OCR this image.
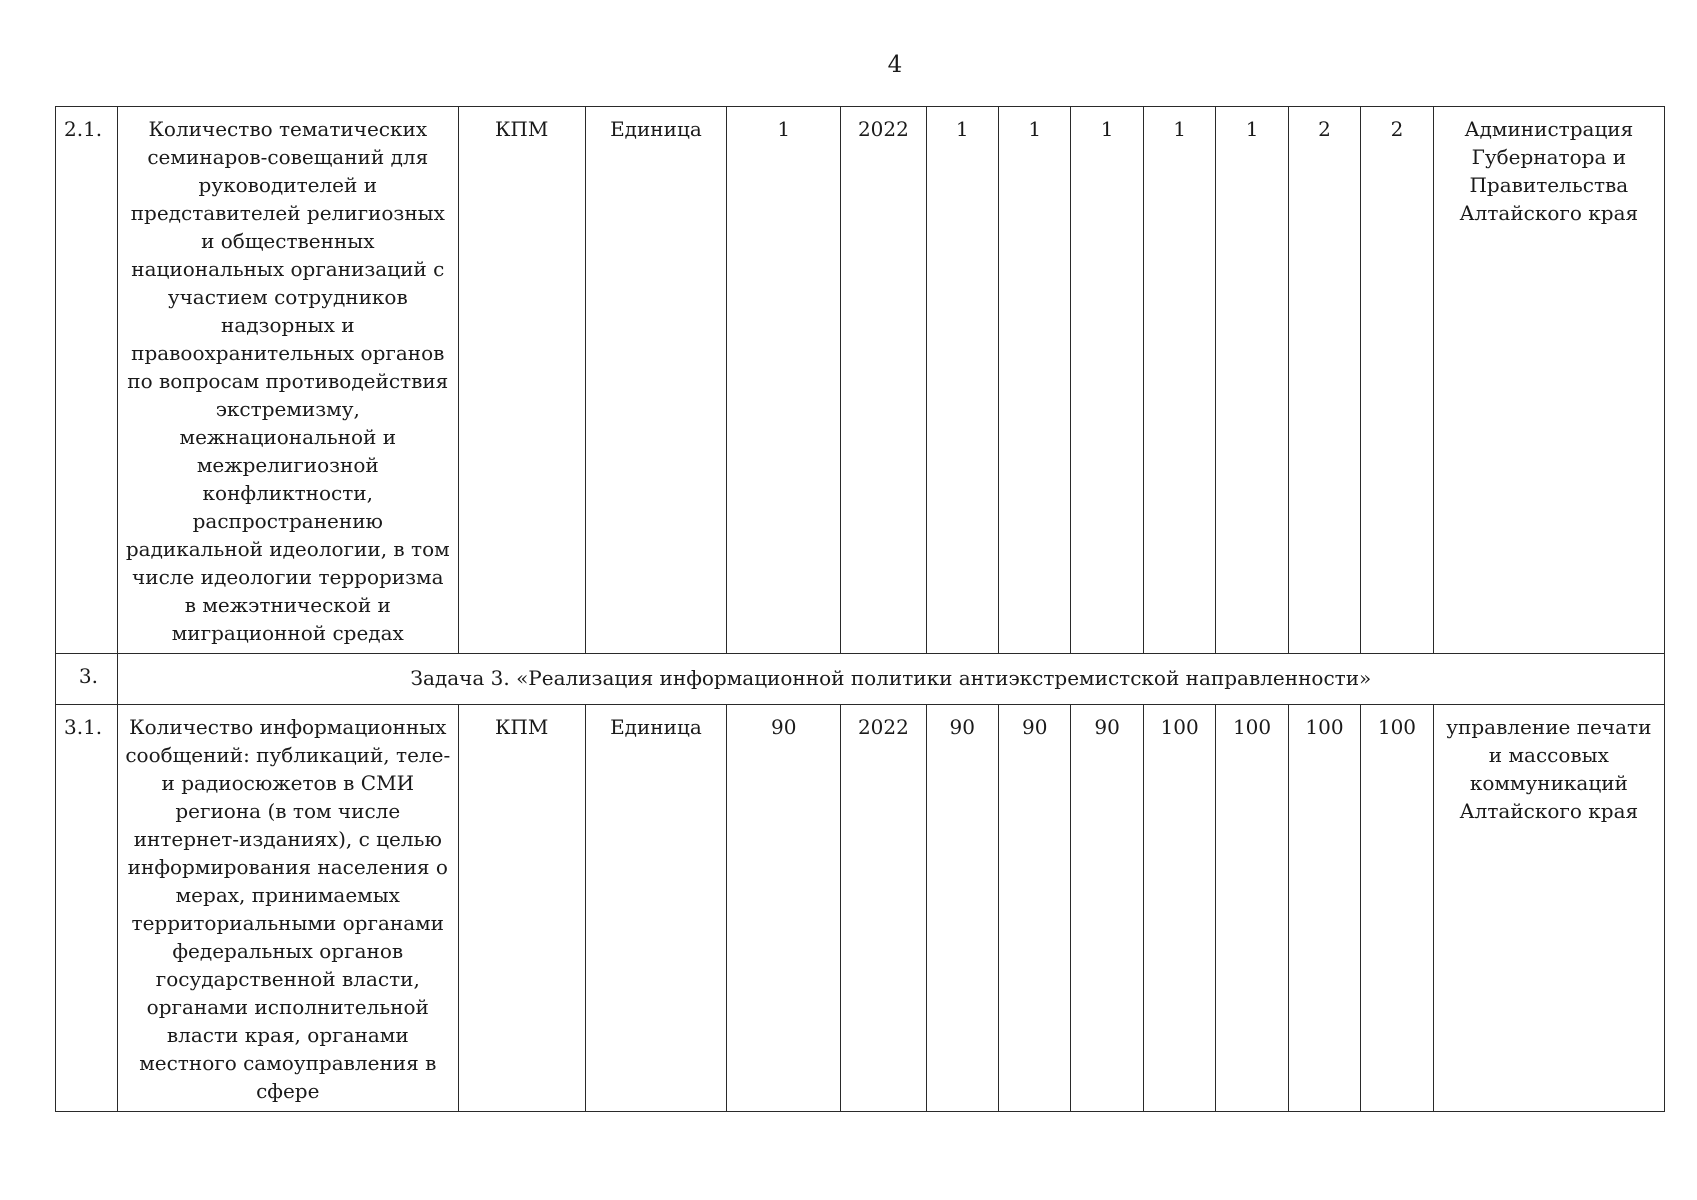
4
2.1.	Количество тематических семинаров-совещаний для руководителей и представителей религиозных и общественных национальных организаций с участием сотрудников надзорных и правоохранительных органов по вопросам противодействия экстремизму, межнациональной и межрелигиозной конфликтности, распространению радикальной идеологии, в том числе идеологии терроризма в межэтнической и миграционной средах	КПМ	Единица	1	2022	1	1	1	1	1	2	2	Администрация Губернатора и Правительства Алтайского края
3.	Задача 3. «Реализация информационной политики антиэкстремистской направленности»												
3.1.	Количество информационных сообщений: публикаций, теле- и радиосюжетов в СМИ региона (в том числе интернет-изданиях), с целью информирования населения о мерах, принимаемых территориальными органами федеральных органов государственной власти, органами исполнительной власти края, органами местного самоуправления в сфере	КПМ	Единица	90	2022	90	90	90	100	100	100	100	управление печати и массовых коммуникаций Алтайского края
